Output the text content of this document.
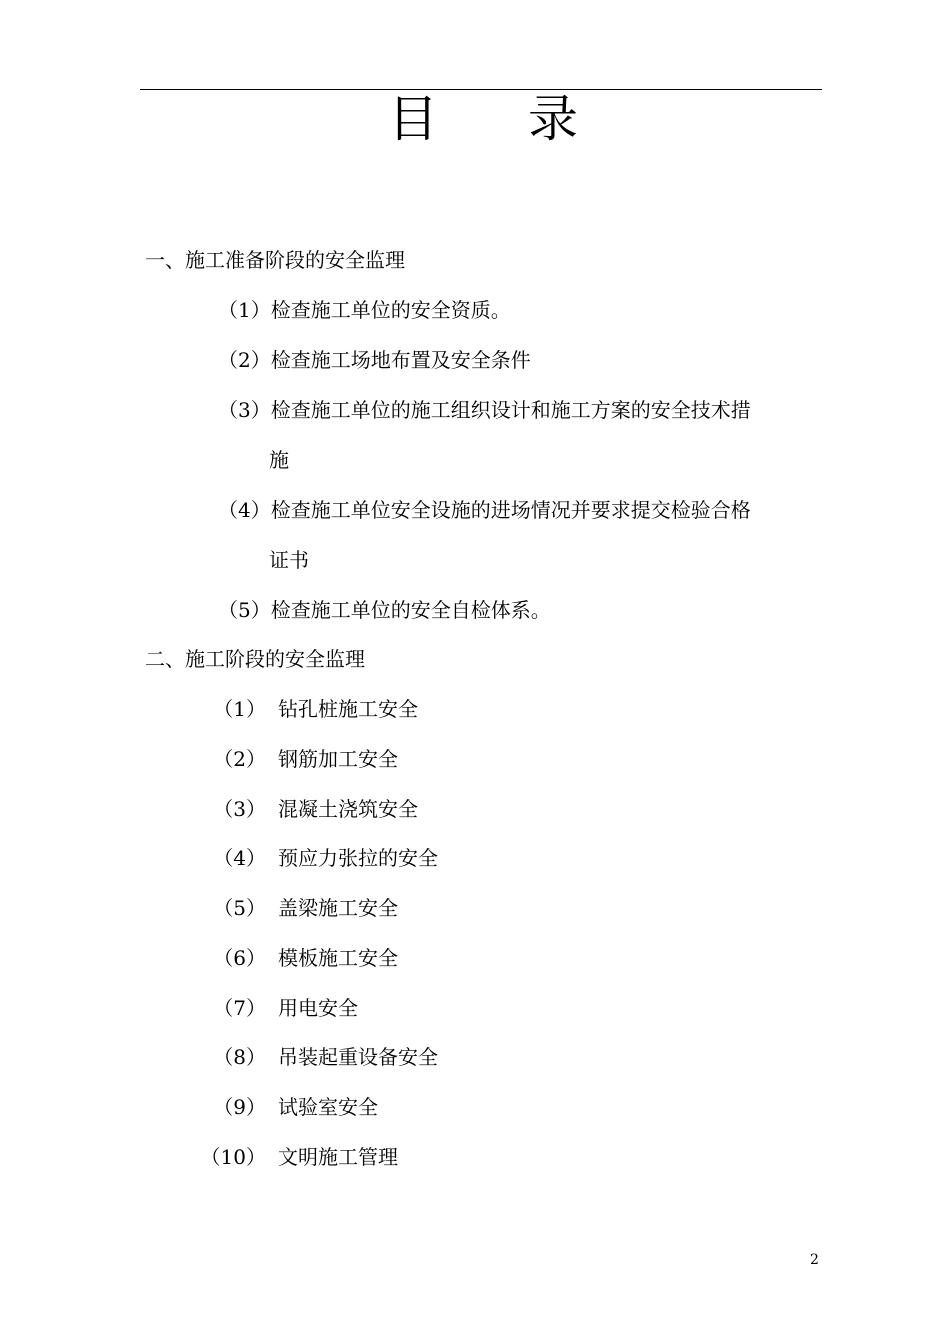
目 录
一、施工准备阶段的安全监理
（1）检查施工单位的安全资质。
（2）检查施工场地布置及安全条件
（3）检查施工单位的施工组织设计和施工方案的安全技术措
施
（4）检查施工单位安全设施的进场情况并要求提交检验合格
证书
（5）检查施工单位的安全自检体系。
二、施工阶段的安全监理
（1） 钻孔桩施工安全
（2） 钢筋加工安全
（3） 混凝土浇筑安全
（4） 预应力张拉的安全
（5） 盖梁施工安全
（6） 模板施工安全
（7） 用电安全
（8） 吊装起重设备安全
（9） 试验室安全
（10） 文明施工管理
2
